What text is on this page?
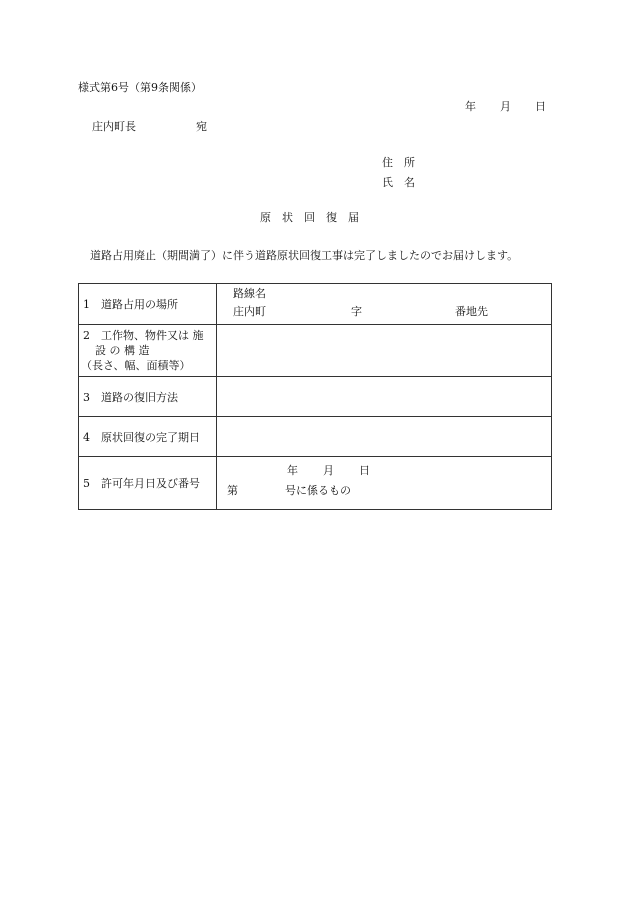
様式第6号（第9条関係）
年 月 日
庄内町長	宛
住　所
氏　名
原　状　回　復　届
道路占用廃止（期間満了）に伴う道路原状回復工事は完了しましたのでお届けします。
1　道路占用の場所	路線名
庄内町 字 番地先

2　工作物、物件又は 施
設 の 構 造
（長さ、幅、面積等）	

3　道路の復旧方法	
4　原状回復の完了期日	
5　許可年月日及び番号	年 月 日
第 号に係るもの
